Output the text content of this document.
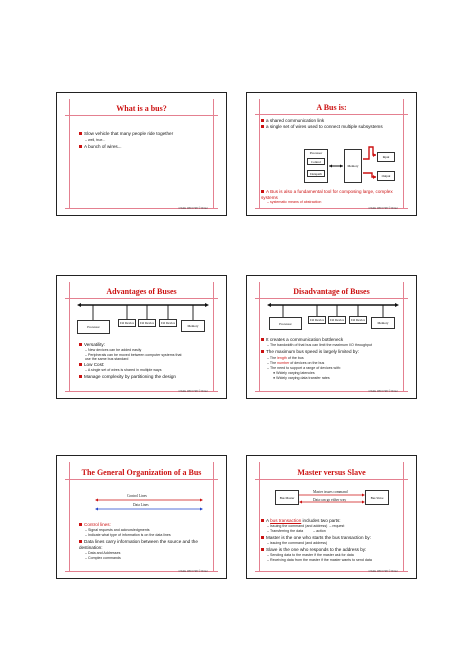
What is a bus?
Slow vehicle that many people ride together
– well, true...
A bunch of wires...
CS&E 380 F'98 © Ritter
A Bus is:
a shared communication link
a single set of wires used to connect multiple subsystems
Processor
Control
Datapath
Memory
Input
Output
A Bus is also a fundamental tool for composing large, complex systems
– systematic means of abstraction
CS&E 380 F'98 © Ritter
Advantages of Buses
Processor
I/O Device I/O Device I/O Device
Memory
Versatility:
– New devices can be added easily
– Peripherals can be moved between computer systems that use the same bus standard
Low Cost:
– A single set of wires is shared in multiple ways
Manage complexity by partitioning the design
CS&E 380 F'98 © Ritter
Disadvantage of Buses
Processor
I/O Device I/O Device I/O Device
Memory
It creates a communication bottleneck
– The bandwidth of that bus can limit the maximum I/O throughput
The maximum bus speed is largely limited by:
– The length of the bus
– The number of devices on the bus
– The need to support a range of devices with:
● Widely varying latencies
● Widely varying data transfer rates
CS&E 380 F'98 © Ritter
The General Organization of a Bus
Control Lines
Data Lines
Control lines:
– Signal requests and acknowledgments
– Indicate what type of information is on the data lines
Data lines carry information between the source and the destination:
– Data and Addresses
– Complex commands
CS&E 380 F'98 © Ritter
Master versus Slave
Bus Master	Bus Slave
Master issues command
Data can go either way
A bus transaction includes two parts:
– Issuing the command (and address)  – request
– Transferring the data          – action
Master is the one who starts the bus transaction by:
– issuing the command (and address)
Slave is the one who responds to the address by:
– Sending data to the master if the master ask for data
– Receiving data from the master if the master wants to send data
CS&E 380 F'98 © Ritter
